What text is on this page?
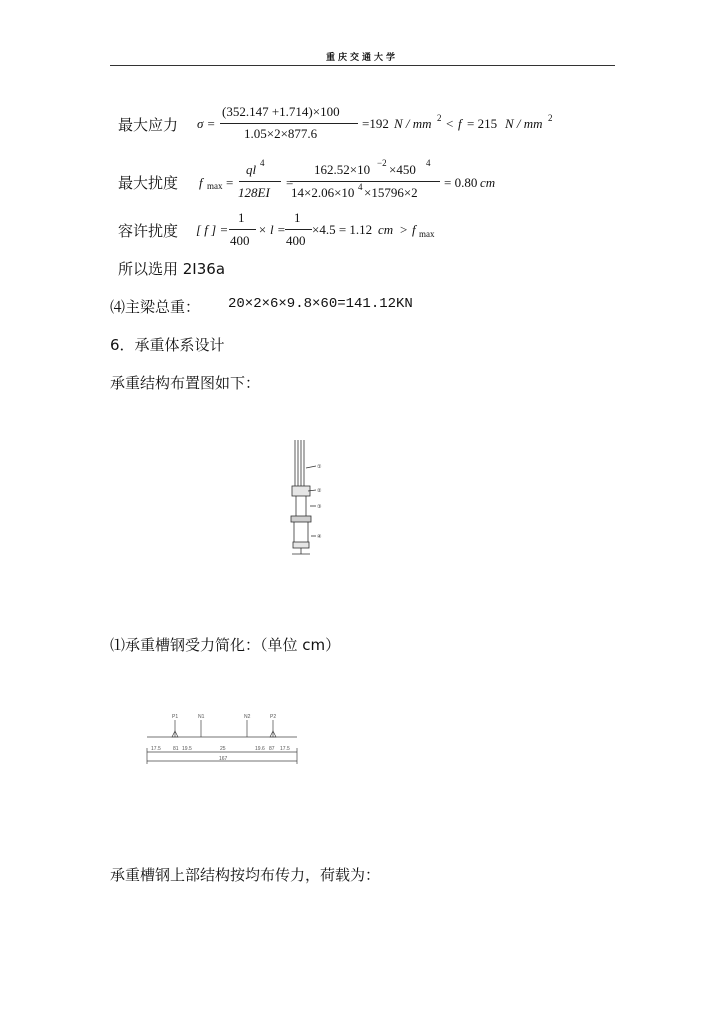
重庆交通大学
最大应力 σ =
(352.147 +1.714)×100
1.05×2×877.6
=192 N / mm 2 < f = 215 N / mm 2
最大扰度 f max =
ql 4
128EI
=
162.52×10 −2 ×450 4
14×2.06×10 4 ×15796×2
= 0.80 cm
容许扰度 [ f ] =
1
400
× l =
1
400
×4.5 = 1.12 cm > f max
所以选用 2I36a
⑷主梁总重： 20×2×6×9.8×60=141.12KN
6．承重体系设计
承重结构布置图如下：
①
②
③
④
⑴承重槽钢受力简化：（单位 cm）
P1	N1	N2	P2
17.5 81 19.5	25	19.6 87 17.5
167
承重槽钢上部结构按均布传力，荷载为：
